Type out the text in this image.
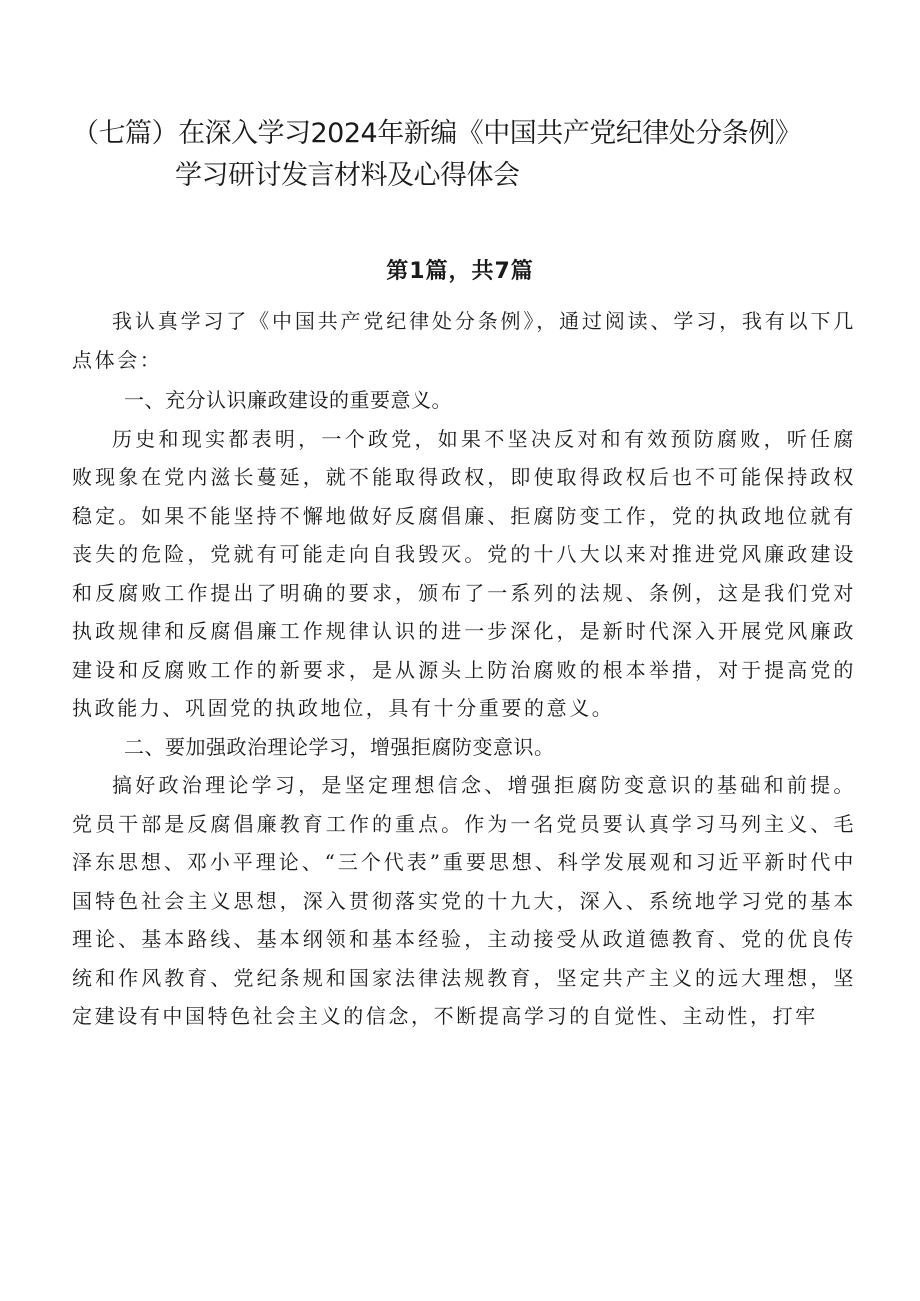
（七篇）在深入学习2024年新编《中国共产党纪律处分条例》
学习研讨发言材料及心得体会
第1篇，共7篇

我认真学习了《中国共产党纪律处分条例》，通过阅读、学习，我有以下几点体会：

一、充分认识廉政建设的重要意义。

历史和现实都表明，一个政党，如果不坚决反对和有效预防腐败，听任腐败现象在党内滋长蔓延，就不能取得政权，即使取得政权后也不可能保持政权稳定。如果不能坚持不懈地做好反腐倡廉、拒腐防变工作，党的执政地位就有丧失的危险，党就有可能走向自我毁灭。党的十八大以来对推进党风廉政建设和反腐败工作提出了明确的要求，颁布了一系列的法规、条例，这是我们党对执政规律和反腐倡廉工作规律认识的进一步深化，是新时代深入开展党风廉政建设和反腐败工作的新要求，是从源头上防治腐败的根本举措，对于提高党的执政能力、巩固党的执政地位，具有十分重要的意义。

二、要加强政治理论学习，增强拒腐防变意识。

搞好政治理论学习，是坚定理想信念、增强拒腐防变意识的基础和前提。党员干部是反腐倡廉教育工作的重点。作为一名党员要认真学习马列主义、毛泽东思想、邓小平理论、“三个代表”重要思想、科学发展观和习近平新时代中国特色社会主义思想，深入贯彻落实党的十九大，深入、系统地学习党的基本理论、基本路线、基本纲领和基本经验，主动接受从政道德教育、党的优良传统和作风教育、党纪条规和国家法律法规教育，坚定共产主义的远大理想，坚定建设有中国特色社会主义的信念，不断提高学习的自觉性、主动性，打牢
